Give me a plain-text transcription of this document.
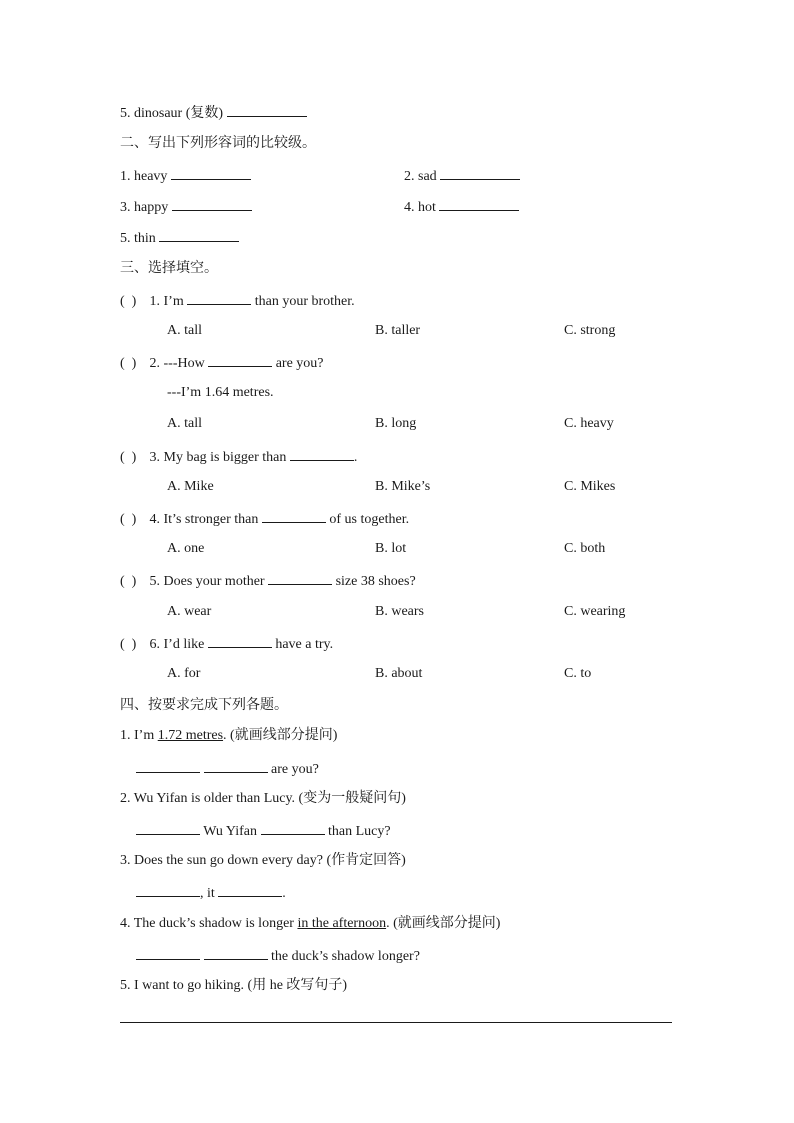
5. dinosaur (复数)
二、写出下列形容词的比较级。
1. heavy	2. sad
3. happy	4. hot
5. thin
三、选择填空。
( ) 1. I’m	than your brother.
A. tall	B. taller	C. strong
( ) 2. ---How	are you?
---I’m 1.64 metres.
A. tall	B. long	C. heavy
( ) 3. My bag is bigger than	.
A. Mike	B. Mike’s	C. Mikes
( ) 4. It’s stronger than	of us together.
A. one	B. lot	C. both
( ) 5. Does your mother	size 38 shoes?
A. wear	B. wears	C. wearing
( ) 6. I’d like	have a try.
A. for	B. about	C. to
四、按要求完成下列各题。
1. I’m 1.72 metres. (就画线部分提问)
are you?
2. Wu Yifan is older than Lucy. (变为一般疑问句)
Wu Yifan	than Lucy?
3. Does the sun go down every day? (作肯定回答)
, it	.
4. The duck’s shadow is longer in the afternoon. (就画线部分提问)
the duck’s shadow longer?
5. I want to go hiking. (用 he 改写句子)
